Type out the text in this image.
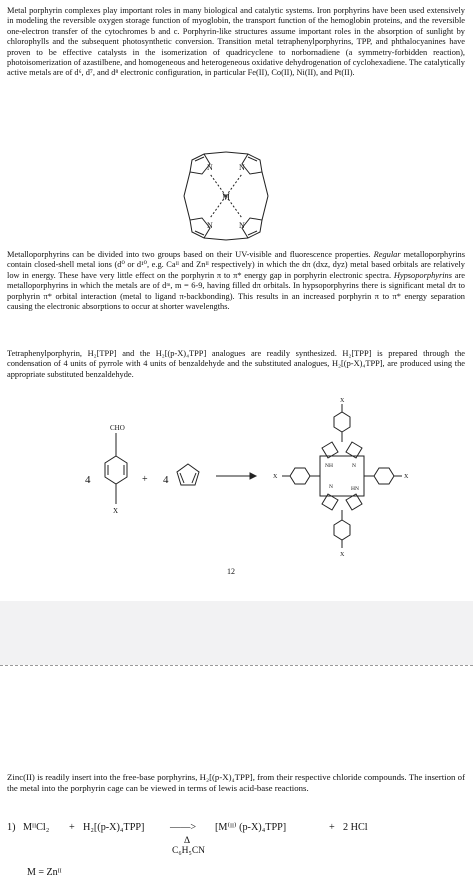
Metal porphyrin complexes play important roles in many biological and catalytic systems. Iron porphyrins have been used extensively in modeling the reversible oxygen storage function of myoglobin, the transport function of the hemoglobin proteins, and the reversible one-electron transfer of the cytochromes b and c. Porphyrin-like structures assume important roles in the absorption of sunlight by chlorophylls and the subsequent photosynthetic conversion. Transition metal tetraphenylporphyrins, TPP, and phthalocyanines have proven to be effective catalysts in the isomerization of quadricyclene to norbornadiene (a symmetry-forbidden reaction), photoisomerization of azastilbene, and homogeneous and heterogeneous oxidative dehydrogenation of cyclohexadiene. The catalytically active metals are of d⁶, d⁷, and d⁸ electronic configuration, in particular Fe(II), Co(II), Ni(II), and Pt(II).

N	N
N	N
M

Metalloporphyrins can be divided into two groups based on their UV-visible and fluorescence properties. Regular metalloporphyrins contain closed-shell metal ions (d⁰ or d¹⁰, e.g. Caᴵᴵ and Znᴵᴵ respectively) in which the dπ (dxz, dyz) metal based orbitals are relatively low in energy. These have very little effect on the porphyrin π to π* energy gap in porphyrin electronic spectra. Hypsoporphyrins are metalloporphyrins in which the metals are of dᵐ, m = 6-9, having filled dπ orbitals. In hypsoporphyrins there is significant metal dπ to porphyrin π* orbital interaction (metal to ligand π-backbonding). This results in an increased porphyrin π to π* energy separation causing the electronic absorptions to occur at shorter wavelengths.

Tetraphenylporphyrin, H₂[TPP] and the H₂[(p-X)₄TPP] analogues are readily synthesized. H₂[TPP] is prepared through the condensation of 4 units of pyrrole with 4 units of benzaldehyde and the substituted analogues, H₂[(p-X)₄TPP], are produced using the appropriate substituted benzaldehyde.

4
CHO
X
+ 4
X
X
X	X
NH
HN
N
N
12

Zinc(II) is readily insert into the free-base porphyrins, H₂[(p-X)₄TPP], from their respective chloride compounds. The insertion of the metal into the porphyrin cage can be viewed in terms of lewis acid-base reactions.

1) MᴵᴵCl₂ + H₂[(p-X)₄TPP]	——> [M⁽ᴵᴵ⁾ (p-X)₄TPP]	+ 2 HCl
Δ
C₆H₅CN
M = Znᴵᴵ
